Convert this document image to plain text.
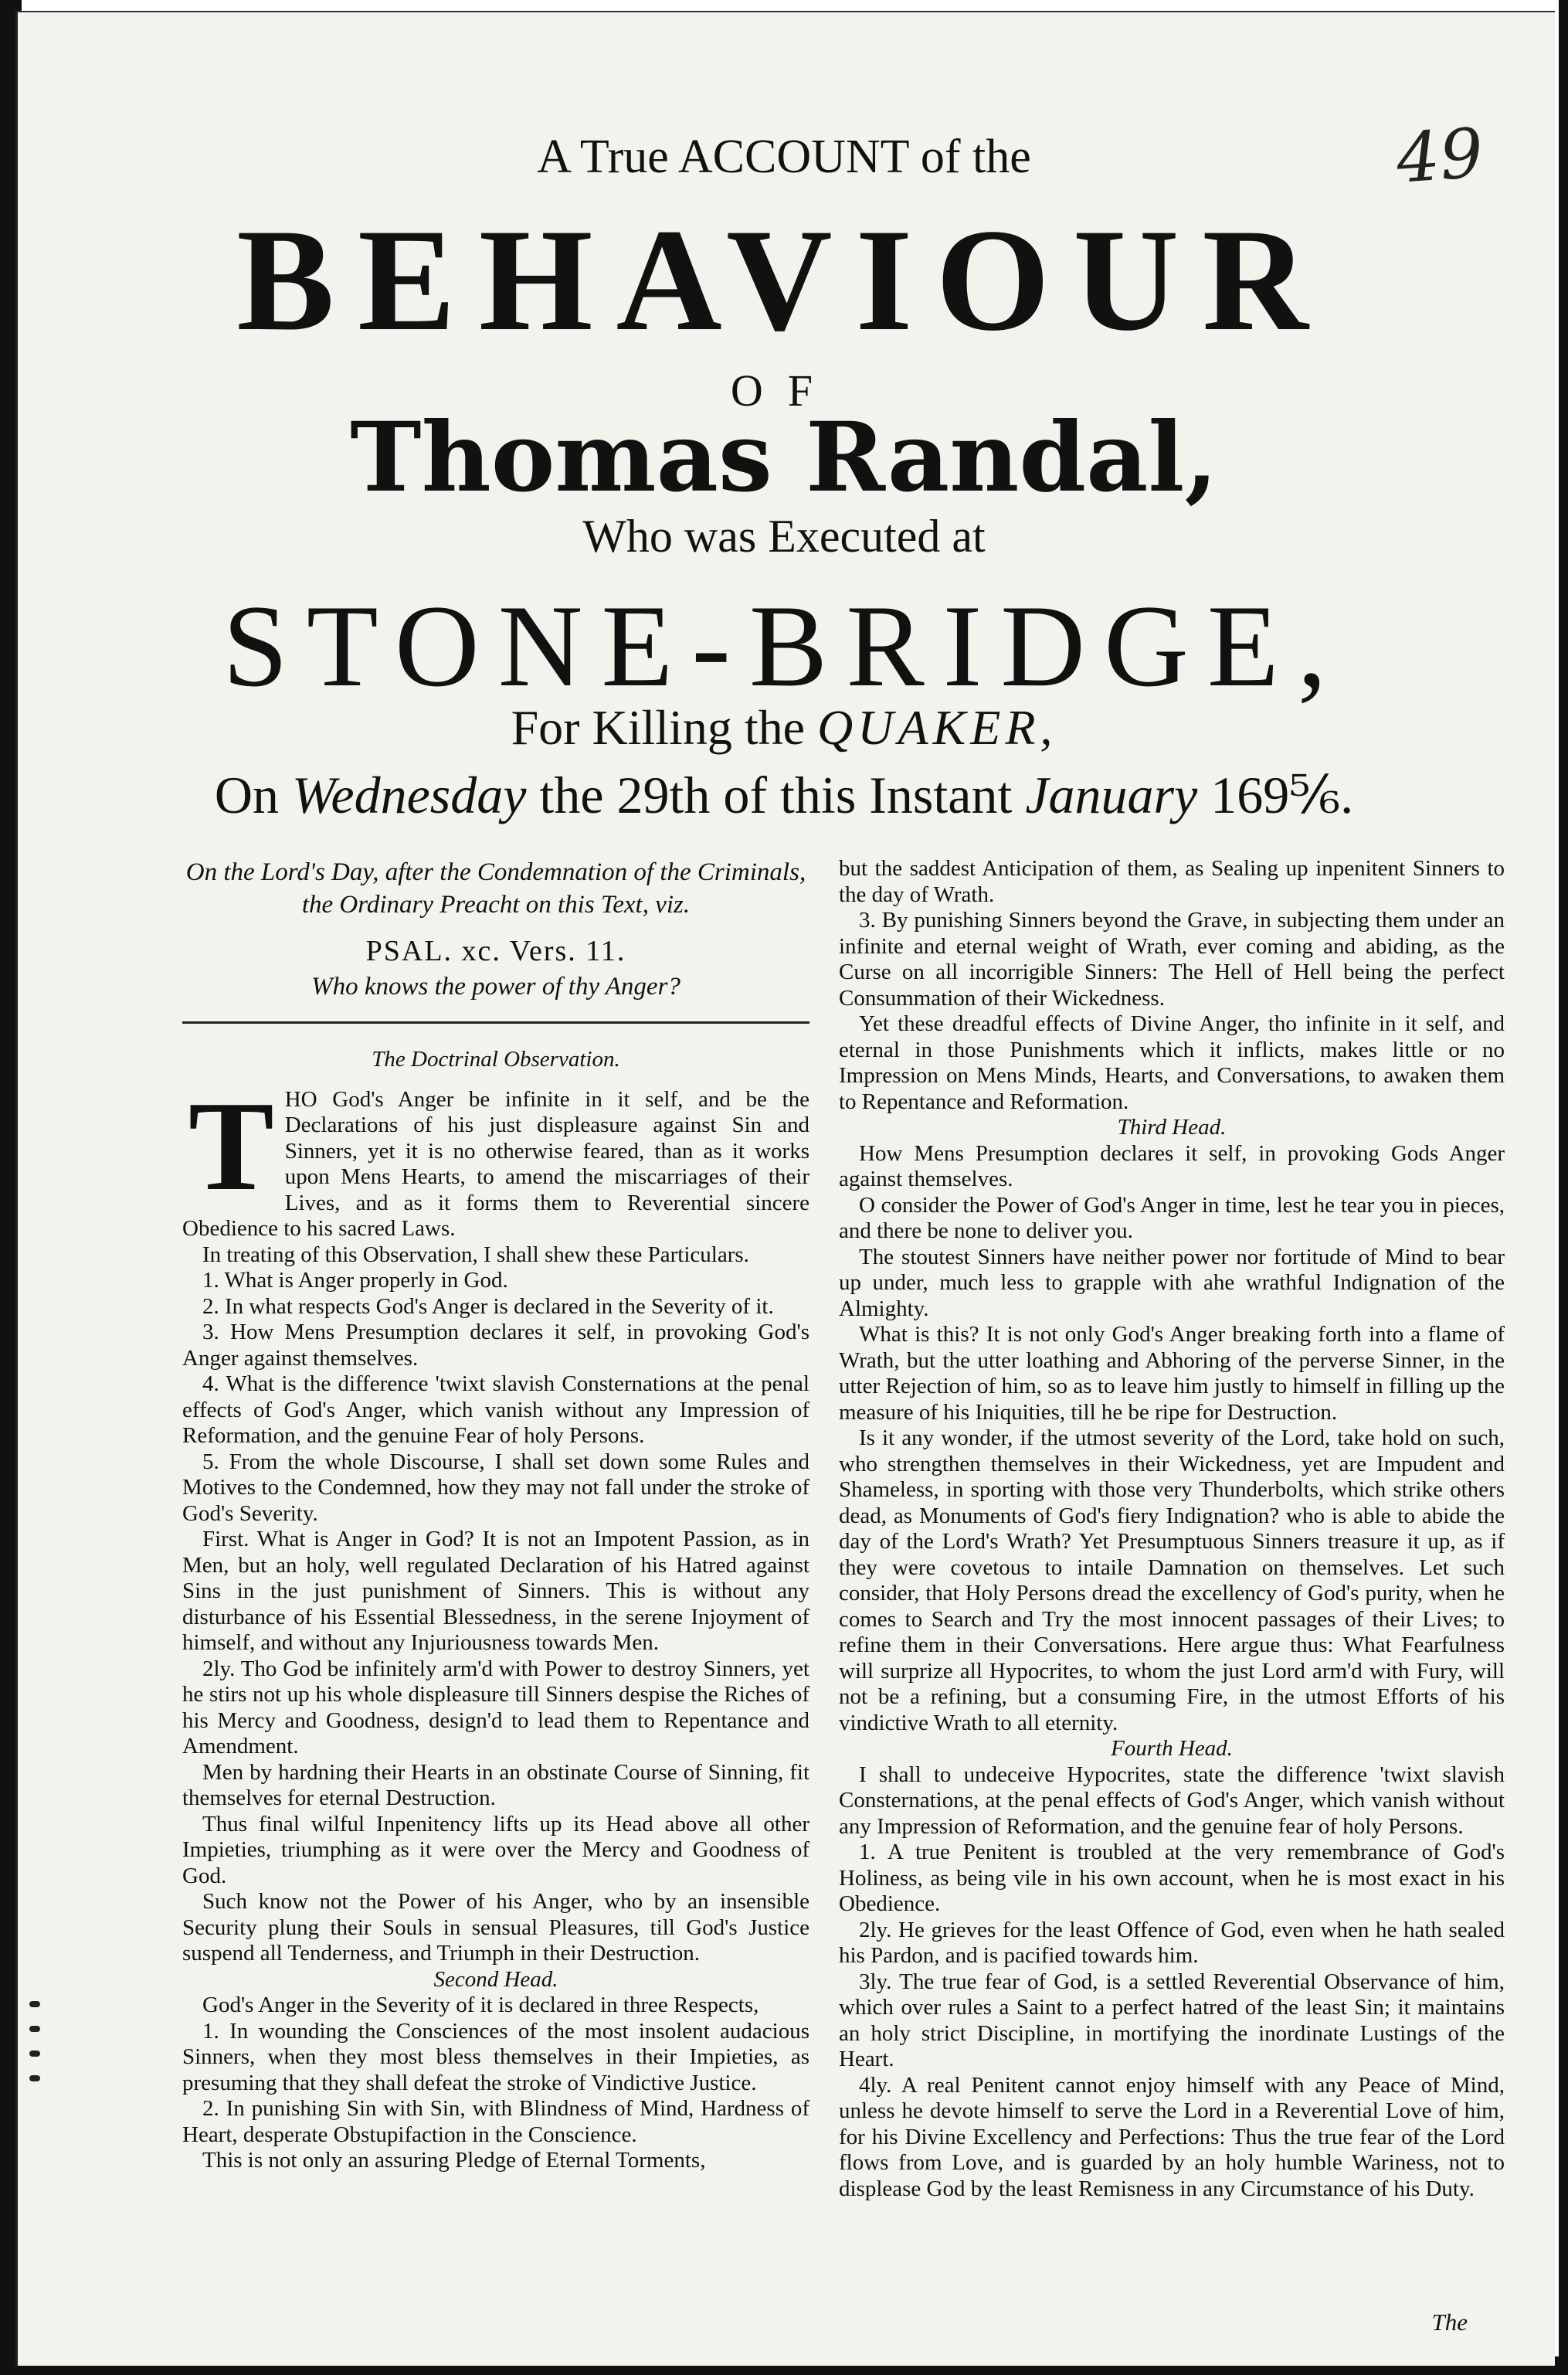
49
A True ACCOUNT of the
BEHAVIOUR
OF
Thomas Randal,
Who was Executed at
STONE-BRIDGE,
For Killing the QUAKER,
On Wednesday the 29th of this Instant January 169⅚.

On the Lord's Day, after the Condemnation of the Criminals, the Ordinary Preacht on this Text, viz.

PSAL. xc. Vers. 11.

Who knows the power of thy Anger?

The Doctrinal Observation.

THO God's Anger be infinite in it self, and be the Declarations of his just displeasure against Sin and Sinners, yet it is no otherwise feared, than as it works upon Mens Hearts, to amend the miscarriages of their Lives, and as it forms them to Reverential sincere Obedience to his sacred Laws.

In treating of this Observation, I shall shew these Particulars.

1. What is Anger properly in God.

2. In what respects God's Anger is declared in the Severity of it.

3. How Mens Presumption declares it self, in provoking God's Anger against themselves.

4. What is the difference 'twixt slavish Consternations at the penal effects of God's Anger, which vanish without any Impression of Reformation, and the genuine Fear of holy Persons.

5. From the whole Discourse, I shall set down some Rules and Motives to the Condemned, how they may not fall under the stroke of God's Severity.

First. What is Anger in God? It is not an Impotent Passion, as in Men, but an holy, well regulated Declaration of his Hatred against Sins in the just punishment of Sinners. This is without any disturbance of his Essential Blessedness, in the serene Injoyment of himself, and without any Injuriousness towards Men.

2ly. Tho God be infinitely arm'd with Power to destroy Sinners, yet he stirs not up his whole displeasure till Sinners despise the Riches of his Mercy and Goodness, design'd to lead them to Repentance and Amendment.

Men by hardning their Hearts in an obstinate Course of Sinning, fit themselves for eternal Destruction.

Thus final wilful Inpenitency lifts up its Head above all other Impieties, triumphing as it were over the Mercy and Goodness of God.

Such know not the Power of his Anger, who by an insensible Security plung their Souls in sensual Pleasures, till God's Justice suspend all Tenderness, and Triumph in their Destruction.

Second Head.

God's Anger in the Severity of it is declared in three Respects,

1. In wounding the Consciences of the most insolent audacious Sinners, when they most bless themselves in their Impieties, as presuming that they shall defeat the stroke of Vindictive Justice.

2. In punishing Sin with Sin, with Blindness of Mind, Hardness of Heart, desperate Obstupifaction in the Conscience.

This is not only an assuring Pledge of Eternal Torments,

but the saddest Anticipation of them, as Sealing up inpenitent Sinners to the day of Wrath.

3. By punishing Sinners beyond the Grave, in subjecting them under an infinite and eternal weight of Wrath, ever coming and abiding, as the Curse on all incorrigible Sinners: The Hell of Hell being the perfect Consummation of their Wickedness.

Yet these dreadful effects of Divine Anger, tho infinite in it self, and eternal in those Punishments which it inflicts, makes little or no Impression on Mens Minds, Hearts, and Conversations, to awaken them to Repentance and Reformation.

Third Head.

How Mens Presumption declares it self, in provoking Gods Anger against themselves.

O consider the Power of God's Anger in time, lest he tear you in pieces, and there be none to deliver you.

The stoutest Sinners have neither power nor fortitude of Mind to bear up under, much less to grapple with ahe wrathful Indignation of the Almighty.

What is this? It is not only God's Anger breaking forth into a flame of Wrath, but the utter loathing and Abhoring of the perverse Sinner, in the utter Rejection of him, so as to leave him justly to himself in filling up the measure of his Iniquities, till he be ripe for Destruction.

Is it any wonder, if the utmost severity of the Lord, take hold on such, who strengthen themselves in their Wickedness, yet are Impudent and Shameless, in sporting with those very Thunderbolts, which strike others dead, as Monuments of God's fiery Indignation? who is able to abide the day of the Lord's Wrath? Yet Presumptuous Sinners treasure it up, as if they were covetous to intaile Damnation on themselves. Let such consider, that Holy Persons dread the excellency of God's purity, when he comes to Search and Try the most innocent passages of their Lives; to refine them in their Conversations. Here argue thus: What Fearfulness will surprize all Hypocrites, to whom the just Lord arm'd with Fury, will not be a refining, but a consuming Fire, in the utmost Efforts of his vindictive Wrath to all eternity.

Fourth Head.

I shall to undeceive Hypocrites, state the difference 'twixt slavish Consternations, at the penal effects of God's Anger, which vanish without any Impression of Reformation, and the genuine fear of holy Persons.

1. A true Penitent is troubled at the very remembrance of God's Holiness, as being vile in his own account, when he is most exact in his Obedience.

2ly. He grieves for the least Offence of God, even when he hath sealed his Pardon, and is pacified towards him.

3ly. The true fear of God, is a settled Reverential Observance of him, which over rules a Saint to a perfect hatred of the least Sin; it maintains an holy strict Discipline, in mortifying the inordinate Lustings of the Heart.

4ly. A real Penitent cannot enjoy himself with any Peace of Mind, unless he devote himself to serve the Lord in a Reverential Love of him, for his Divine Excellency and Perfections: Thus the true fear of the Lord flows from Love, and is guarded by an holy humble Wariness, not to displease God by the least Remisness in any Circumstance of his Duty.

The
